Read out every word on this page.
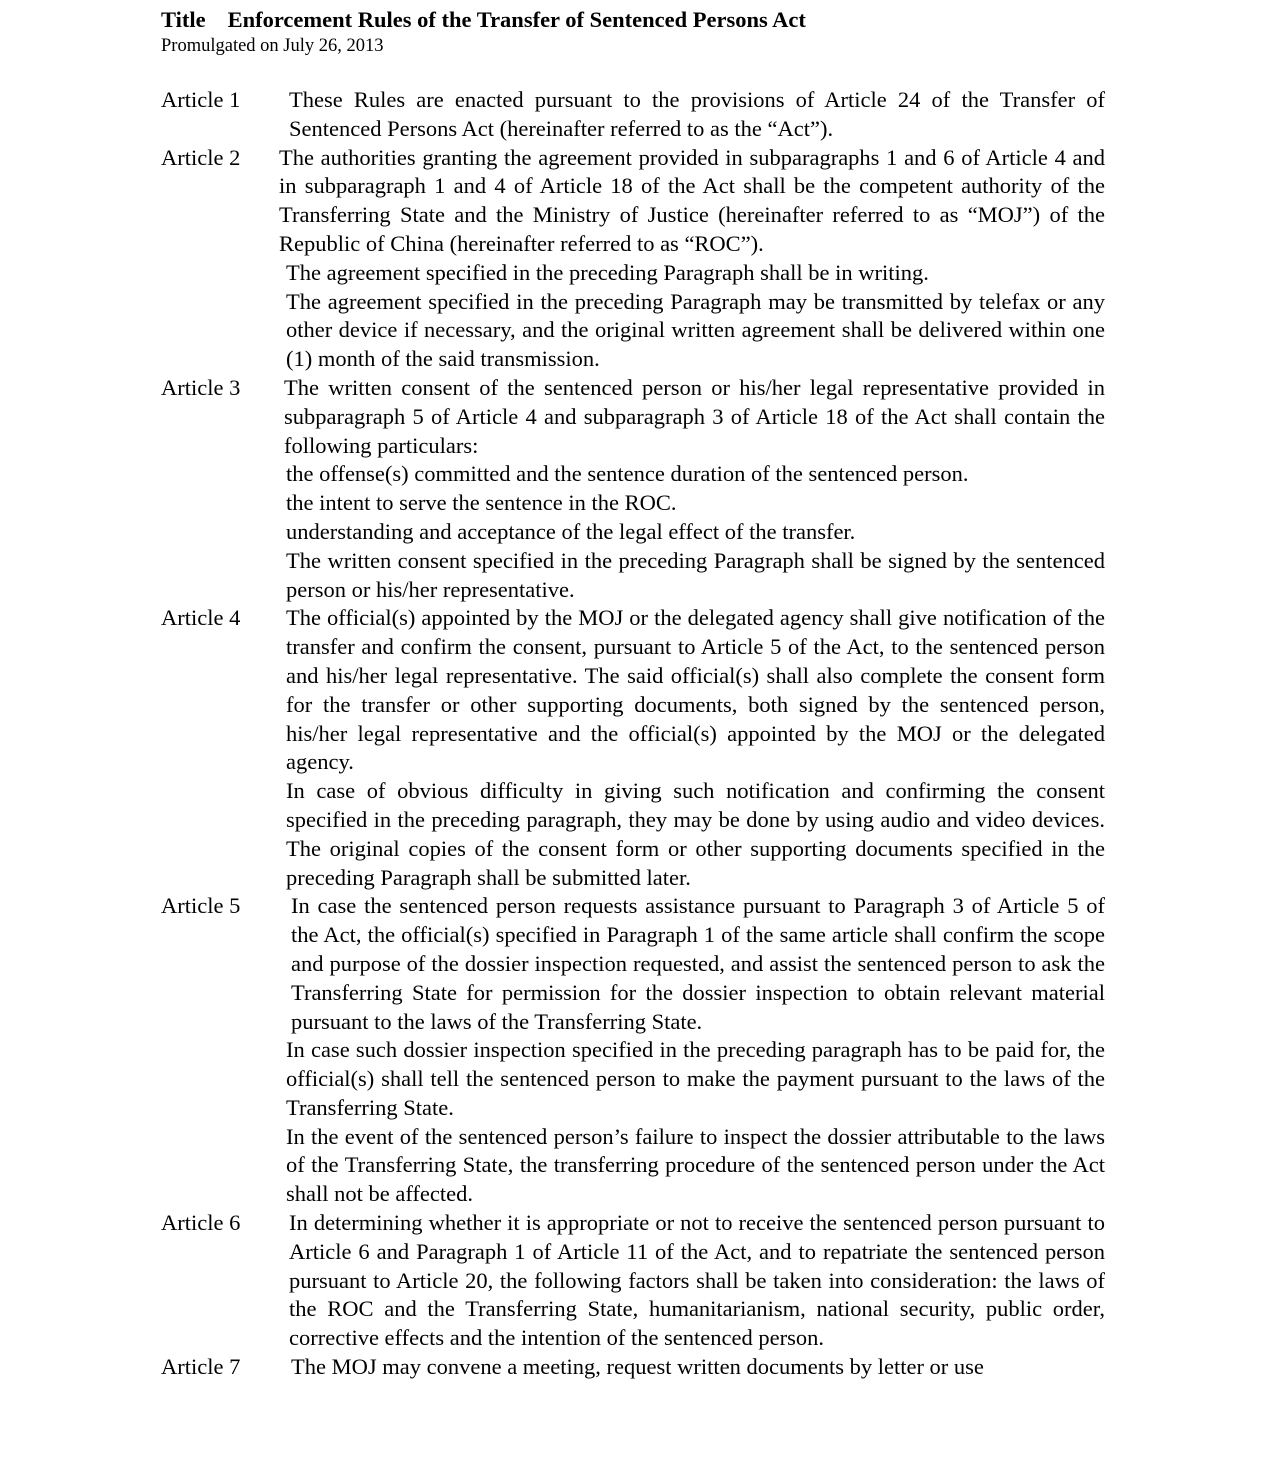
Title Enforcement Rules of the Transfer of Sentenced Persons Act
Promulgated on July 26, 2013
Article 1	These Rules are enacted pursuant to the provisions of Article 24 of the Transfer of Sentenced Persons Act (hereinafter referred to as the “Act”).

Article 2	The authorities granting the agreement provided in subparagraphs 1 and 6 of Article 4 and in subparagraph 1 and 4 of Article 18 of the Act shall be the competent authority of the Transferring State and the Ministry of Justice (hereinafter referred to as “MOJ”) of the Republic of China (hereinafter referred to as “ROC”).

The agreement specified in the preceding Paragraph shall be in writing.

The agreement specified in the preceding Paragraph may be transmitted by telefax or any other device if necessary, and the original written agreement shall be delivered within one (1) month of the said transmission.

Article 3	The written consent of the sentenced person or his/her legal representative provided in subparagraph 5 of Article 4 and subparagraph 3 of Article 18 of the Act shall contain the following particulars:

the offense(s) committed and the sentence duration of the sentenced person.

the intent to serve the sentence in the ROC.

understanding and acceptance of the legal effect of the transfer.

The written consent specified in the preceding Paragraph shall be signed by the sentenced person or his/her representative.

Article 4	The official(s) appointed by the MOJ or the delegated agency shall give notification of the transfer and confirm the consent, pursuant to Article 5 of the Act, to the sentenced person and his/her legal representative. The said official(s) shall also complete the consent form for the transfer or other supporting documents, both signed by the sentenced person, his/her legal representative and the official(s) appointed by the MOJ or the delegated agency.

In case of obvious difficulty in giving such notification and confirming the consent specified in the preceding paragraph, they may be done by using audio and video devices. The original copies of the consent form or other supporting documents specified in the preceding Paragraph shall be submitted later.

Article 5	In case the sentenced person requests assistance pursuant to Paragraph 3 of Article 5 of the Act, the official(s) specified in Paragraph 1 of the same article shall confirm the scope and purpose of the dossier inspection requested, and assist the sentenced person to ask the Transferring State for permission for the dossier inspection to obtain relevant material pursuant to the laws of the Transferring State.

In case such dossier inspection specified in the preceding paragraph has to be paid for, the official(s) shall tell the sentenced person to make the payment pursuant to the laws of the Transferring State.

In the event of the sentenced person’s failure to inspect the dossier attributable to the laws of the Transferring State, the transferring procedure of the sentenced person under the Act shall not be affected.

Article 6	In determining whether it is appropriate or not to receive the sentenced person pursuant to Article 6 and Paragraph 1 of Article 11 of the Act, and to repatriate the sentenced person pursuant to Article 20, the following factors shall be taken into consideration: the laws of the ROC and the Transferring State, humanitarianism, national security, public order, corrective effects and the intention of the sentenced person.

Article 7	The MOJ may convene a meeting, request written documents by letter or use
